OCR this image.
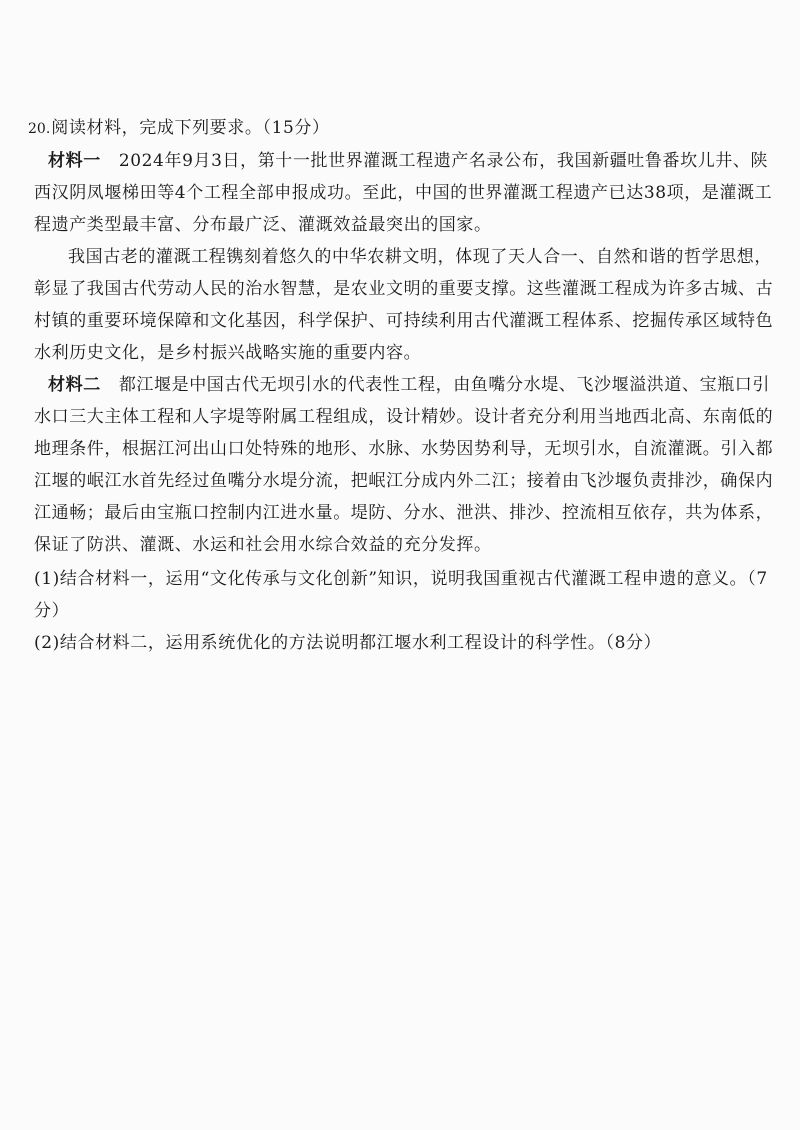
20.阅读材料，完成下列要求。（15分）

材料一 2024年9月3日，第十一批世界灌溉工程遗产名录公布，我国新疆吐鲁番坎儿井、陕西汉阴凤堰梯田等4个工程全部申报成功。至此，中国的世界灌溉工程遗产已达38项，是灌溉工程遗产类型最丰富、分布最广泛、灌溉效益最突出的国家。

我国古老的灌溉工程镌刻着悠久的中华农耕文明，体现了天人合一、自然和谐的哲学思想，彰显了我国古代劳动人民的治水智慧，是农业文明的重要支撑。这些灌溉工程成为许多古城、古村镇的重要环境保障和文化基因，科学保护、可持续利用古代灌溉工程体系、挖掘传承区域特色水利历史文化，是乡村振兴战略实施的重要内容。

材料二 都江堰是中国古代无坝引水的代表性工程，由鱼嘴分水堤、飞沙堰溢洪道、宝瓶口引水口三大主体工程和人字堤等附属工程组成，设计精妙。设计者充分利用当地西北高、东南低的地理条件，根据江河出山口处特殊的地形、水脉、水势因势利导，无坝引水，自流灌溉。引入都江堰的岷江水首先经过鱼嘴分水堤分流，把岷江分成内外二江；接着由飞沙堰负责排沙，确保内江通畅；最后由宝瓶口控制内江进水量。堤防、分水、泄洪、排沙、控流相互依存，共为体系，保证了防洪、灌溉、水运和社会用水综合效益的充分发挥。

(1)结合材料一，运用“文化传承与文化创新”知识，说明我国重视古代灌溉工程申遗的意义。（7分）

(2)结合材料二，运用系统优化的方法说明都江堰水利工程设计的科学性。（8分）
